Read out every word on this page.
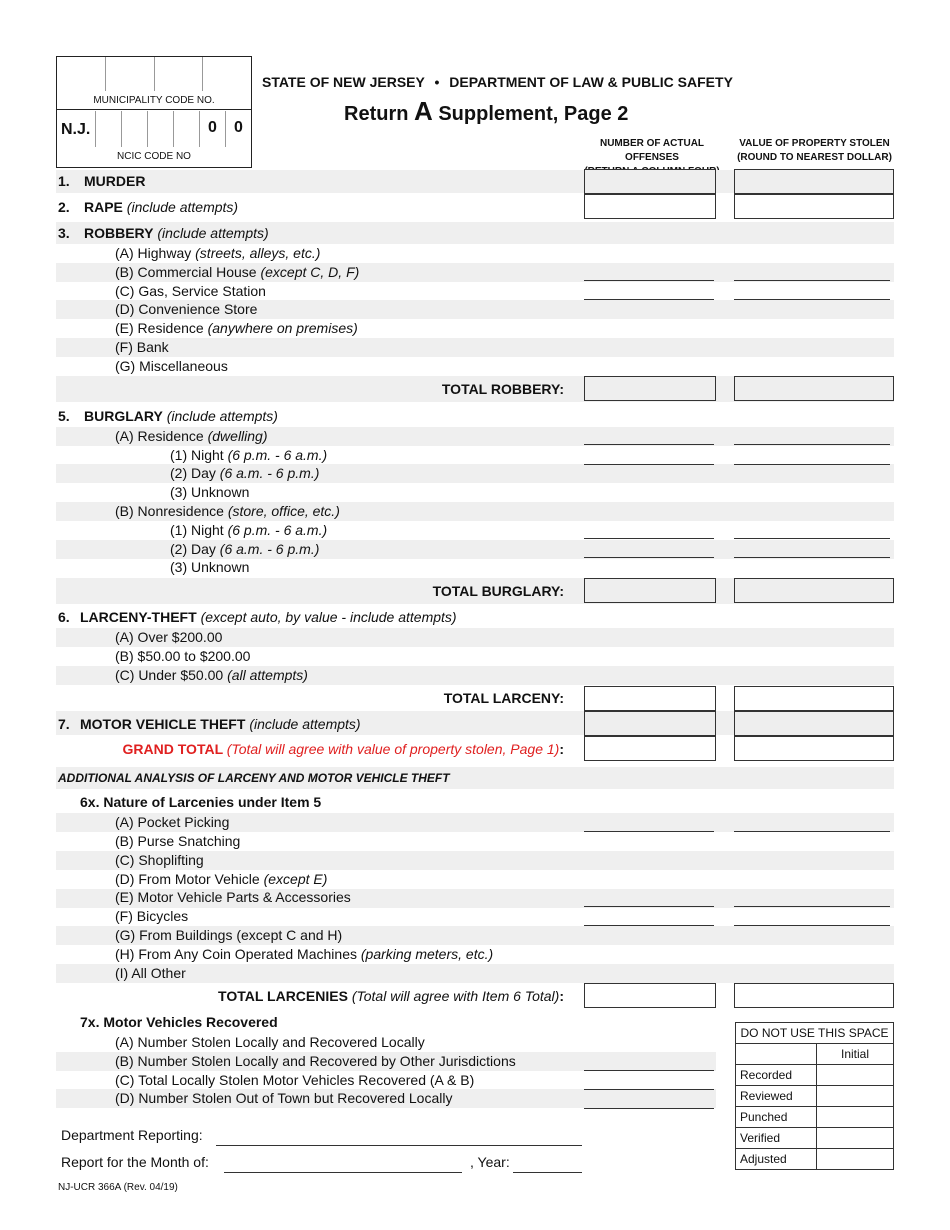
MUNICIPALITY CODE NO.
N.J.	0	0
NCIC CODE NO
STATE OF NEW JERSEY • DEPARTMENT OF LAW & PUBLIC SAFETY
Return A Supplement, Page 2
NUMBER OF ACTUAL OFFENSES
VALUE OF PROPERTY STOLEN
(ROUND TO NEAREST DOLLAR)
1. MURDER
2. RAPE (include attempts)
3. ROBBERY (include attempts)
(A) Highway (streets, alleys, etc.)
(B) Commercial House (except C, D, F)
(C) Gas, Service Station
(D) Convenience Store
(E) Residence (anywhere on premises)
(F) Bank
(G) Miscellaneous
TOTAL ROBBERY:
5. BURGLARY (include attempts)
(A) Residence (dwelling)
(1) Night (6 p.m. - 6 a.m.)
(2) Day (6 a.m. - 6 p.m.)
(3) Unknown
(B) Nonresidence (store, office, etc.)
(1) Night (6 p.m. - 6 a.m.)
(2) Day (6 a.m. - 6 p.m.)
(3) Unknown
TOTAL BURGLARY:
6. LARCENY-THEFT (except auto, by value - include attempts)
(A) Over $200.00
(B) $50.00 to $200.00
(C) Under $50.00 (all attempts)
TOTAL LARCENY:
7. MOTOR VEHICLE THEFT (include attempts)
GRAND TOTAL (Total will agree with value of property stolen, Page 1):
ADDITIONAL ANALYSIS OF LARCENY AND MOTOR VEHICLE THEFT
6x. Nature of Larcenies under Item 5
(A) Pocket Picking
(B) Purse Snatching
(C) Shoplifting
(D) From Motor Vehicle (except E)
(E) Motor Vehicle Parts & Accessories
(F) Bicycles
(G) From Buildings (except C and H)
(H) From Any Coin Operated Machines (parking meters, etc.)
(I) All Other
TOTAL LARCENIES (Total will agree with Item 6 Total):
7x. Motor Vehicles Recovered
(A) Number Stolen Locally and Recovered Locally
(B) Number Stolen Locally and Recovered by Other Jurisdictions
(C) Total Locally Stolen Motor Vehicles Recovered (A & B)
(D) Number Stolen Out of Town but Recovered Locally
DO NOT USE THIS SPACE	
	Initial
Recorded	
Reviewed	
Punched	
Verified	
Adjusted	
Department Reporting:
Report for the Month of:	, Year:
NJ-UCR 366A (Rev. 04/19)
